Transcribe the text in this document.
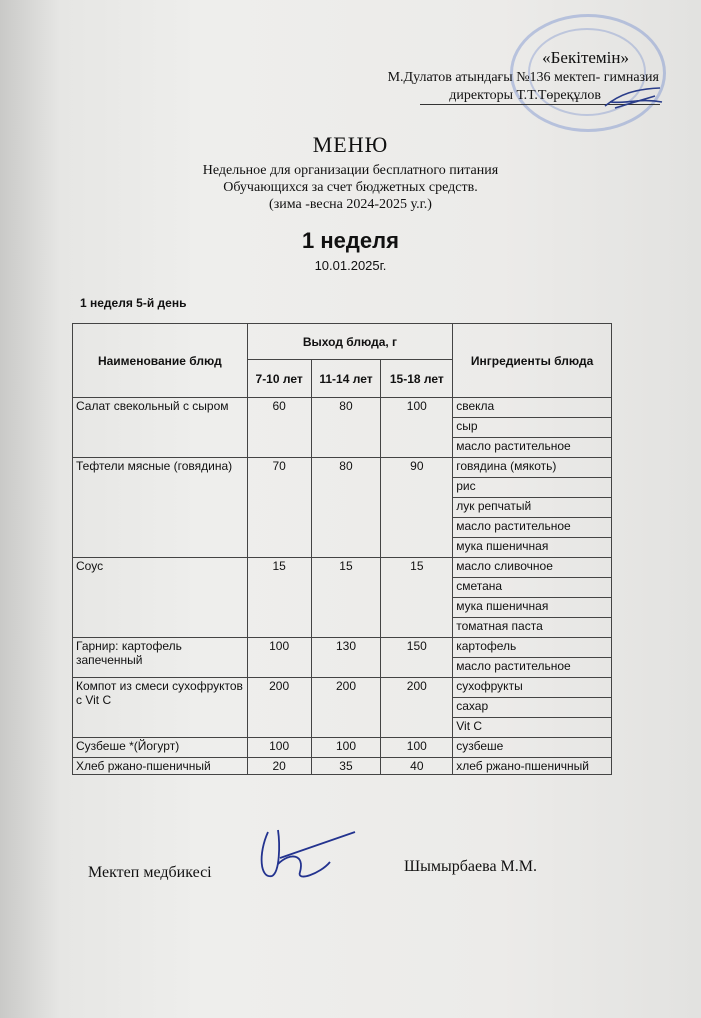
«Бекітемін»
М.Дулатов атындағы №136 мектеп- гимназия
директоры Т.Т.Төреқұлов
МЕНЮ
Недельное для организации бесплатного питания
Обучающихся за счет бюджетных средств.
(зима -весна 2024-2025 у.г.)
1 неделя
10.01.2025г.
1 неделя 5-й день
Наименование блюд	Выход блюда, г			Ингредиенты блюда
	7-10 лет	11-14 лет	15-18 лет	
Салат свекольный с сыром	60	80	100	свекла
				сыр
				масло растительное
Тефтели мясные (говядина)	70	80	90	говядина (мякоть)
				рис
				лук репчатый
				масло растительное
				мука пшеничная
Соус	15	15	15	масло сливочное
				сметана
				мука пшеничная
				томатная паста
Гарнир: картофель запеченный	100	130	150	картофель
				масло растительное
Компот из смеси сухофруктов с Vit C	200	200	200	сухофрукты
				сахар
				Vit C
Сузбеше *(Йогурт)	100	100	100	сузбеше
Хлеб ржано-пшеничный	20	35	40	хлеб ржано-пшеничный
Мектеп медбикесі	Шымырбаева М.М.
